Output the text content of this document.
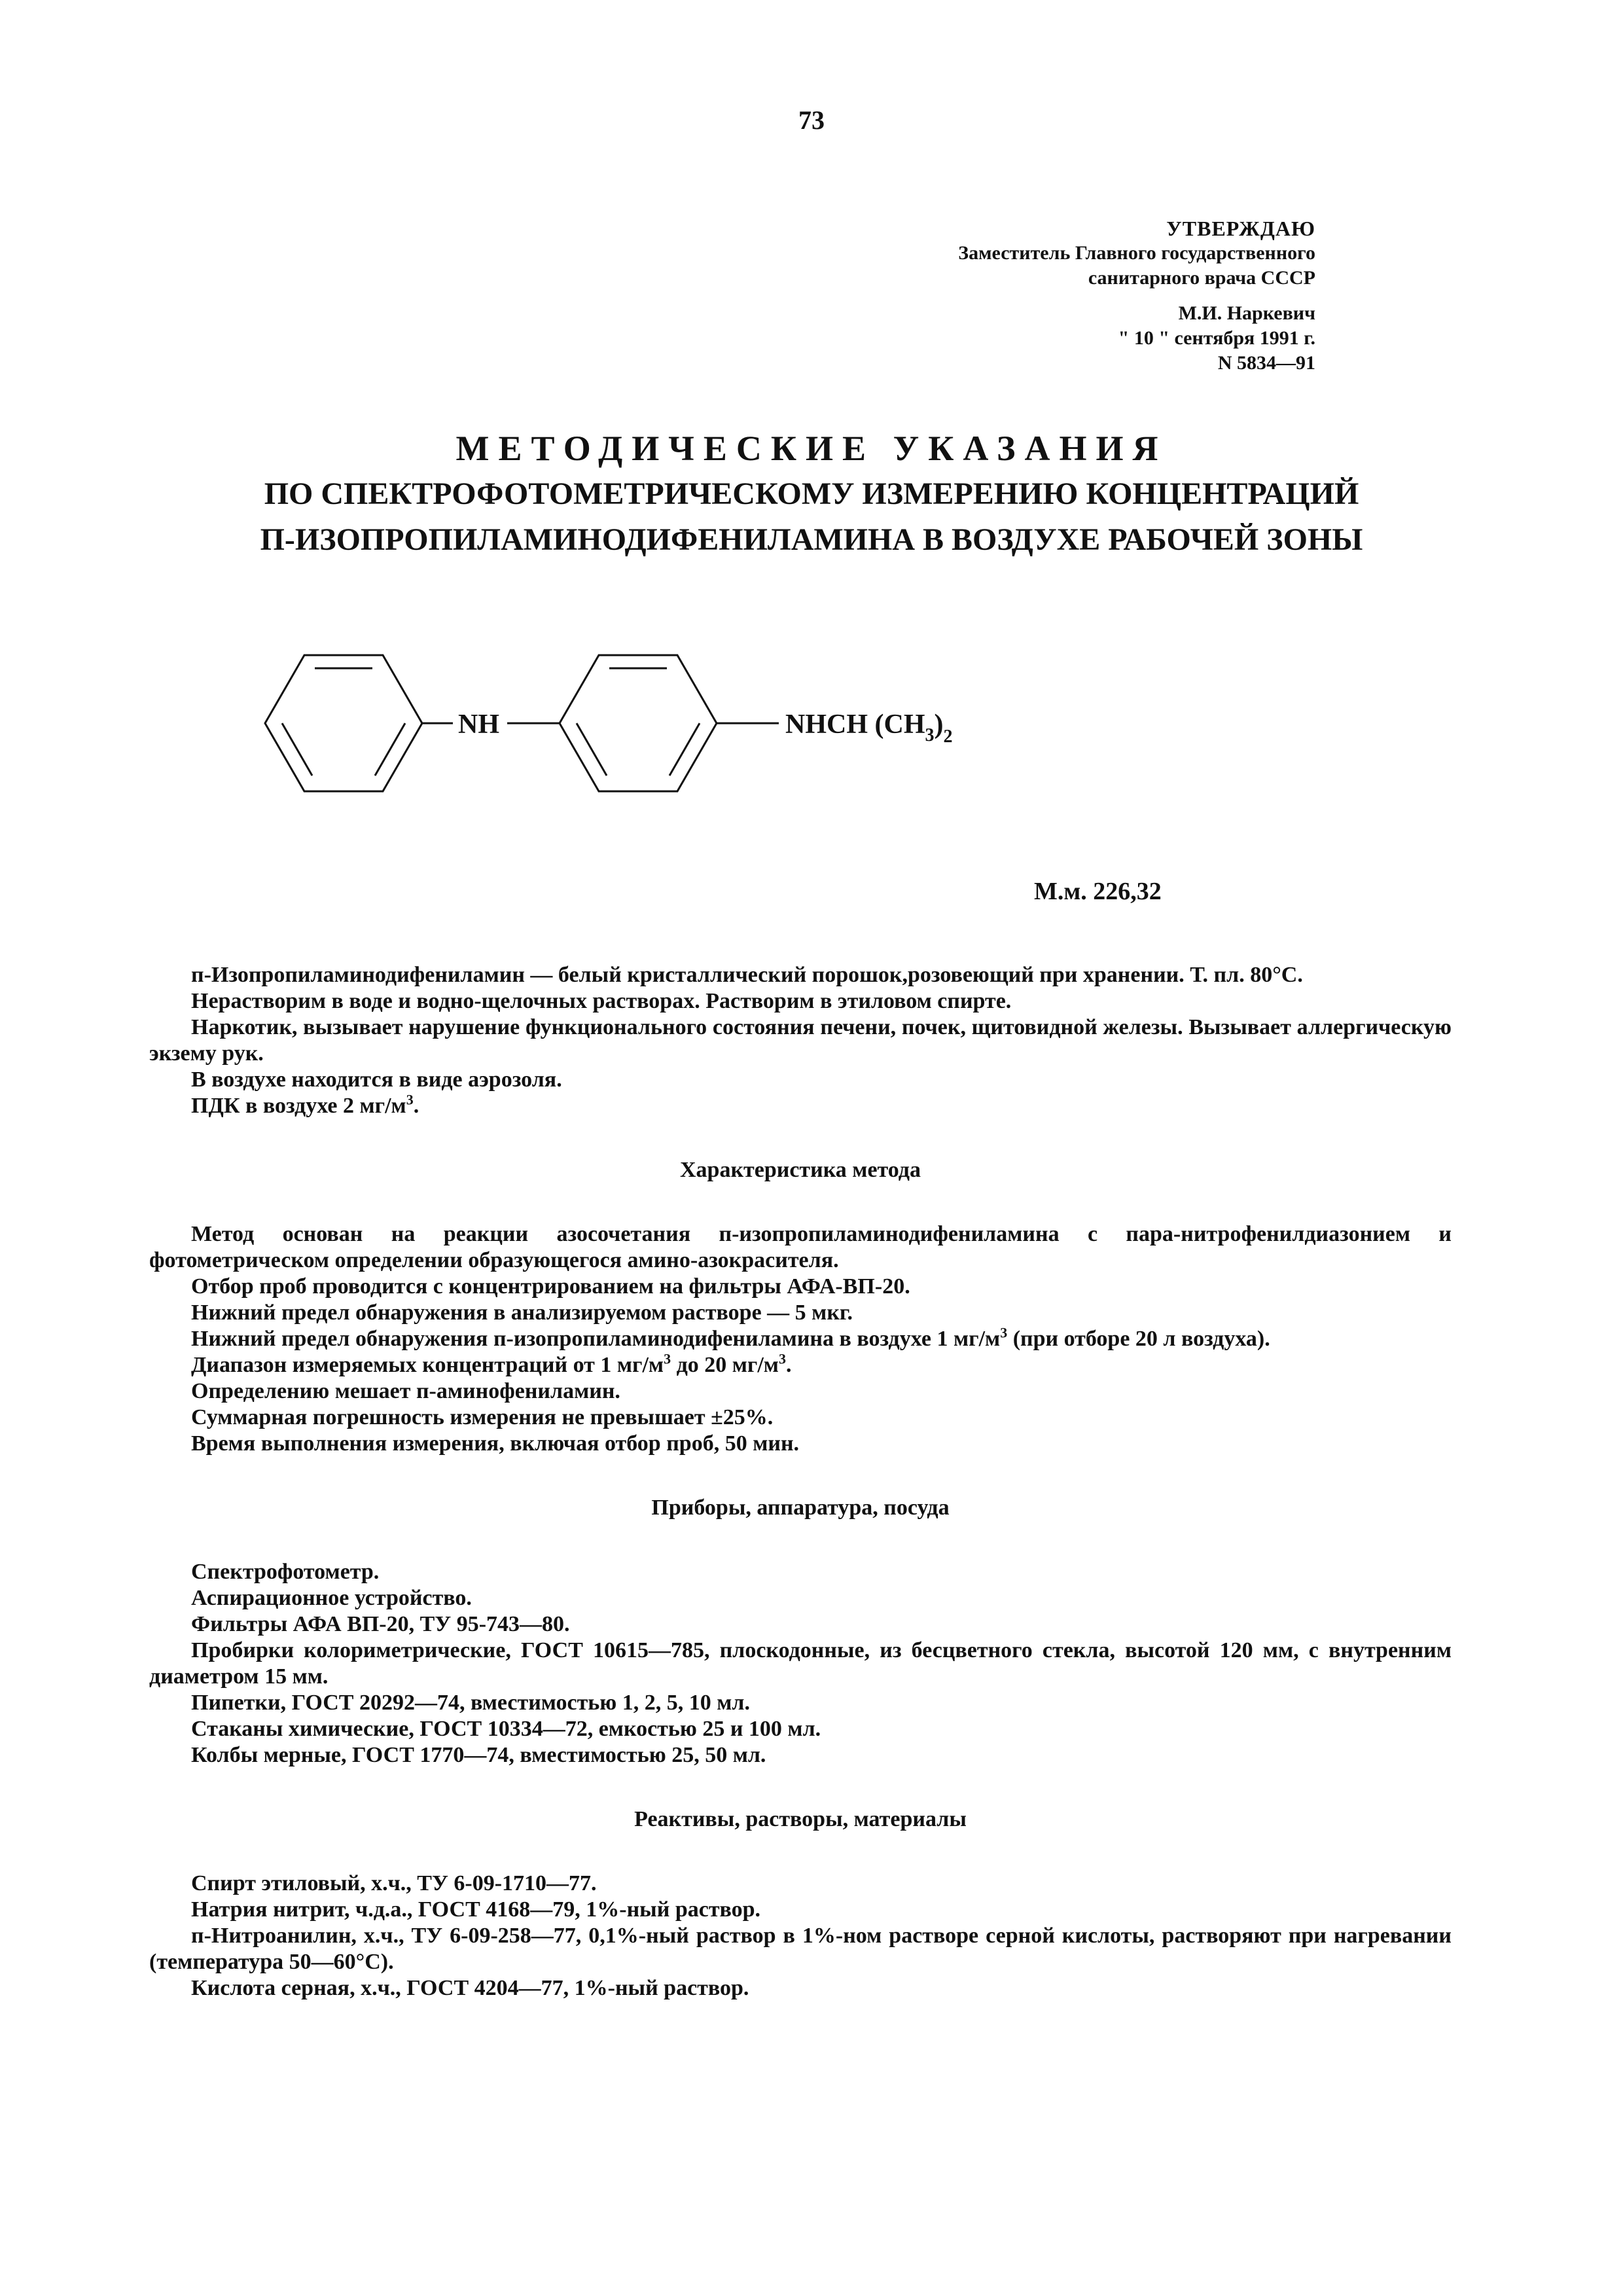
73
УТВЕРЖДАЮ
Заместитель Главного государственного
санитарного врача СССР
М.И. Наркевич
" 10 " сентября 1991 г.
N 5834—91
МЕТОДИЧЕСКИЕ УКАЗАНИЯ
ПО СПЕКТРОФОТОМЕТРИЧЕСКОМУ ИЗМЕРЕНИЮ КОНЦЕНТРАЦИЙ
П-ИЗОПРОПИЛАМИНОДИФЕНИЛАМИНА В ВОЗДУХЕ РАБОЧЕЙ ЗОНЫ
NH	NHCH $(CH_3)_2$
М.м. 226,32

п-Изопропиламинодифениламин — белый кристаллический порошок,розовеющий при хранении. Т. пл. 80°С.

Нерастворим в воде и водно-щелочных растворах. Растворим в этиловом спирте.

Наркотик, вызывает нарушение функционального состояния печени, почек, щитовидной железы. Вызывает аллергическую экзему рук.

В воздухе находится в виде аэрозоля.

ПДК в воздухе 2 $мг/м^3$.

Характеристика метода

Метод основан на реакции азосочетания п-изопропиламинодифениламина с пара-нитрофенилдиазонием и фотометрическом определении образующегося амино-азокрасителя.

Отбор проб проводится с концентрированием на фильтры АФА-ВП-20.

Нижний предел обнаружения в анализируемом растворе — 5 мкг.

Нижний предел обнаружения п-изопропиламинодифениламина в воздухе 1 $мг/м^3$ (при отборе 20 л воздуха).

Диапазон измеряемых концентраций от 1 $мг/м^3$ до 20 $мг/м^3$.

Определению мешает п-аминофениламин.

Суммарная погрешность измерения не превышает ±25%.

Время выполнения измерения, включая отбор проб, 50 мин.

Приборы, аппаратура, посуда

Спектрофотометр.

Аспирационное устройство.

Фильтры АФА ВП-20, ТУ 95-743—80.

Пробирки колориметрические, ГОСТ 10615—785, плоскодонные, из бесцветного стекла, высотой 120 мм, с внутренним диаметром 15 мм.

Пипетки, ГОСТ 20292—74, вместимостью 1, 2, 5, 10 мл.

Стаканы химические, ГОСТ 10334—72, емкостью 25 и 100 мл.

Колбы мерные, ГОСТ 1770—74, вместимостью 25, 50 мл.

Реактивы, растворы, материалы

Спирт этиловый, х.ч., ТУ 6-09-1710—77.

Натрия нитрит, ч.д.а., ГОСТ 4168—79, 1%-ный раствор.

п-Нитроанилин, х.ч., ТУ 6-09-258—77, 0,1%-ный раствор в 1%-ном растворе серной кислоты, растворяют при нагревании (температура 50—60°С).

Кислота серная, х.ч., ГОСТ 4204—77, 1%-ный раствор.
